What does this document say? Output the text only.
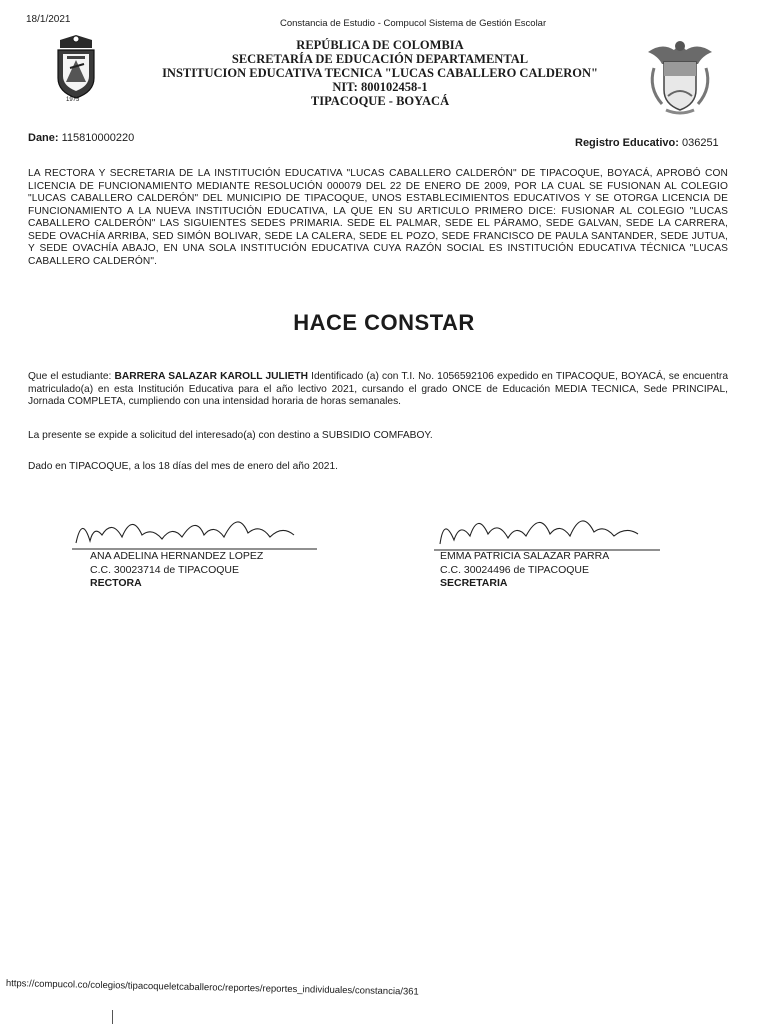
18/1/2021	Constancia de Estudio - Compucol Sistema de Gestión Escolar
1973
REPÚBLICA DE COLOMBIA
SECRETARÍA DE EDUCACIÓN DEPARTAMENTAL
INSTITUCION EDUCATIVA TECNICA "LUCAS CABALLERO CALDERON"
NIT: 800102458-1
TIPACOQUE - BOYACÁ
Dane: 115810000220	Registro Educativo: 036251
LA RECTORA Y SECRETARIA DE LA INSTITUCIÓN EDUCATIVA "LUCAS CABALLERO CALDERÓN" DE TIPACOQUE, BOYACÁ, APROBÓ CON LICENCIA DE FUNCIONAMIENTO MEDIANTE RESOLUCIÓN 000079 DEL 22 DE ENERO DE 2009, POR LA CUAL SE FUSIONAN AL COLEGIO "LUCAS CABALLERO CALDERÓN" DEL MUNICIPIO DE TIPACOQUE, UNOS ESTABLECIMIENTOS EDUCATIVOS Y SE OTORGA LICENCIA DE FUNCIONAMIENTO A LA NUEVA INSTITUCIÓN EDUCATIVA, LA QUE EN SU ARTICULO PRIMERO DICE: FUSIONAR AL COLEGIO "LUCAS CABALLERO CALDERÓN" LAS SIGUIENTES SEDES PRIMARIA. SEDE EL PALMAR, SEDE EL PÁRAMO, SEDE GALVAN, SEDE LA CARRERA, SEDE OVACHÍA ARRIBA, SED SIMÓN BOLIVAR, SEDE LA CALERA, SEDE EL POZO, SEDE FRANCISCO DE PAULA SANTANDER, SEDE JUTUA, Y SEDE OVACHÍA ABAJO, EN UNA SOLA INSTITUCIÓN EDUCATIVA CUYA RAZÓN SOCIAL ES INSTITUCIÓN EDUCATIVA TÉCNICA "LUCAS CABALLERO CALDERÓN".
HACE CONSTAR
Que el estudiante: BARRERA SALAZAR KAROLL JULIETH Identificado (a) con T.I. No. 1056592106 expedido en TIPACOQUE, BOYACÁ, se encuentra matriculado(a) en esta Institución Educativa para el año lectivo 2021, cursando el grado ONCE de Educación MEDIA TECNICA, Sede PRINCIPAL, Jornada COMPLETA, cumpliendo con una intensidad horaria de horas semanales.
La presente se expide a solicitud del interesado(a) con destino a SUBSIDIO COMFABOY.
Dado en TIPACOQUE, a los 18 días del mes de enero del año 2021.
ANA ADELINA HERNANDEZ LOPEZ
C.C. 30023714 de TIPACOQUE
RECTORA
EMMA PATRICIA SALAZAR PARRA
C.C. 30024496 de TIPACOQUE
SECRETARIA
https://compucol.co/colegios/tipacoqueletcaballeroc/reportes/reportes_individuales/constancia/361
